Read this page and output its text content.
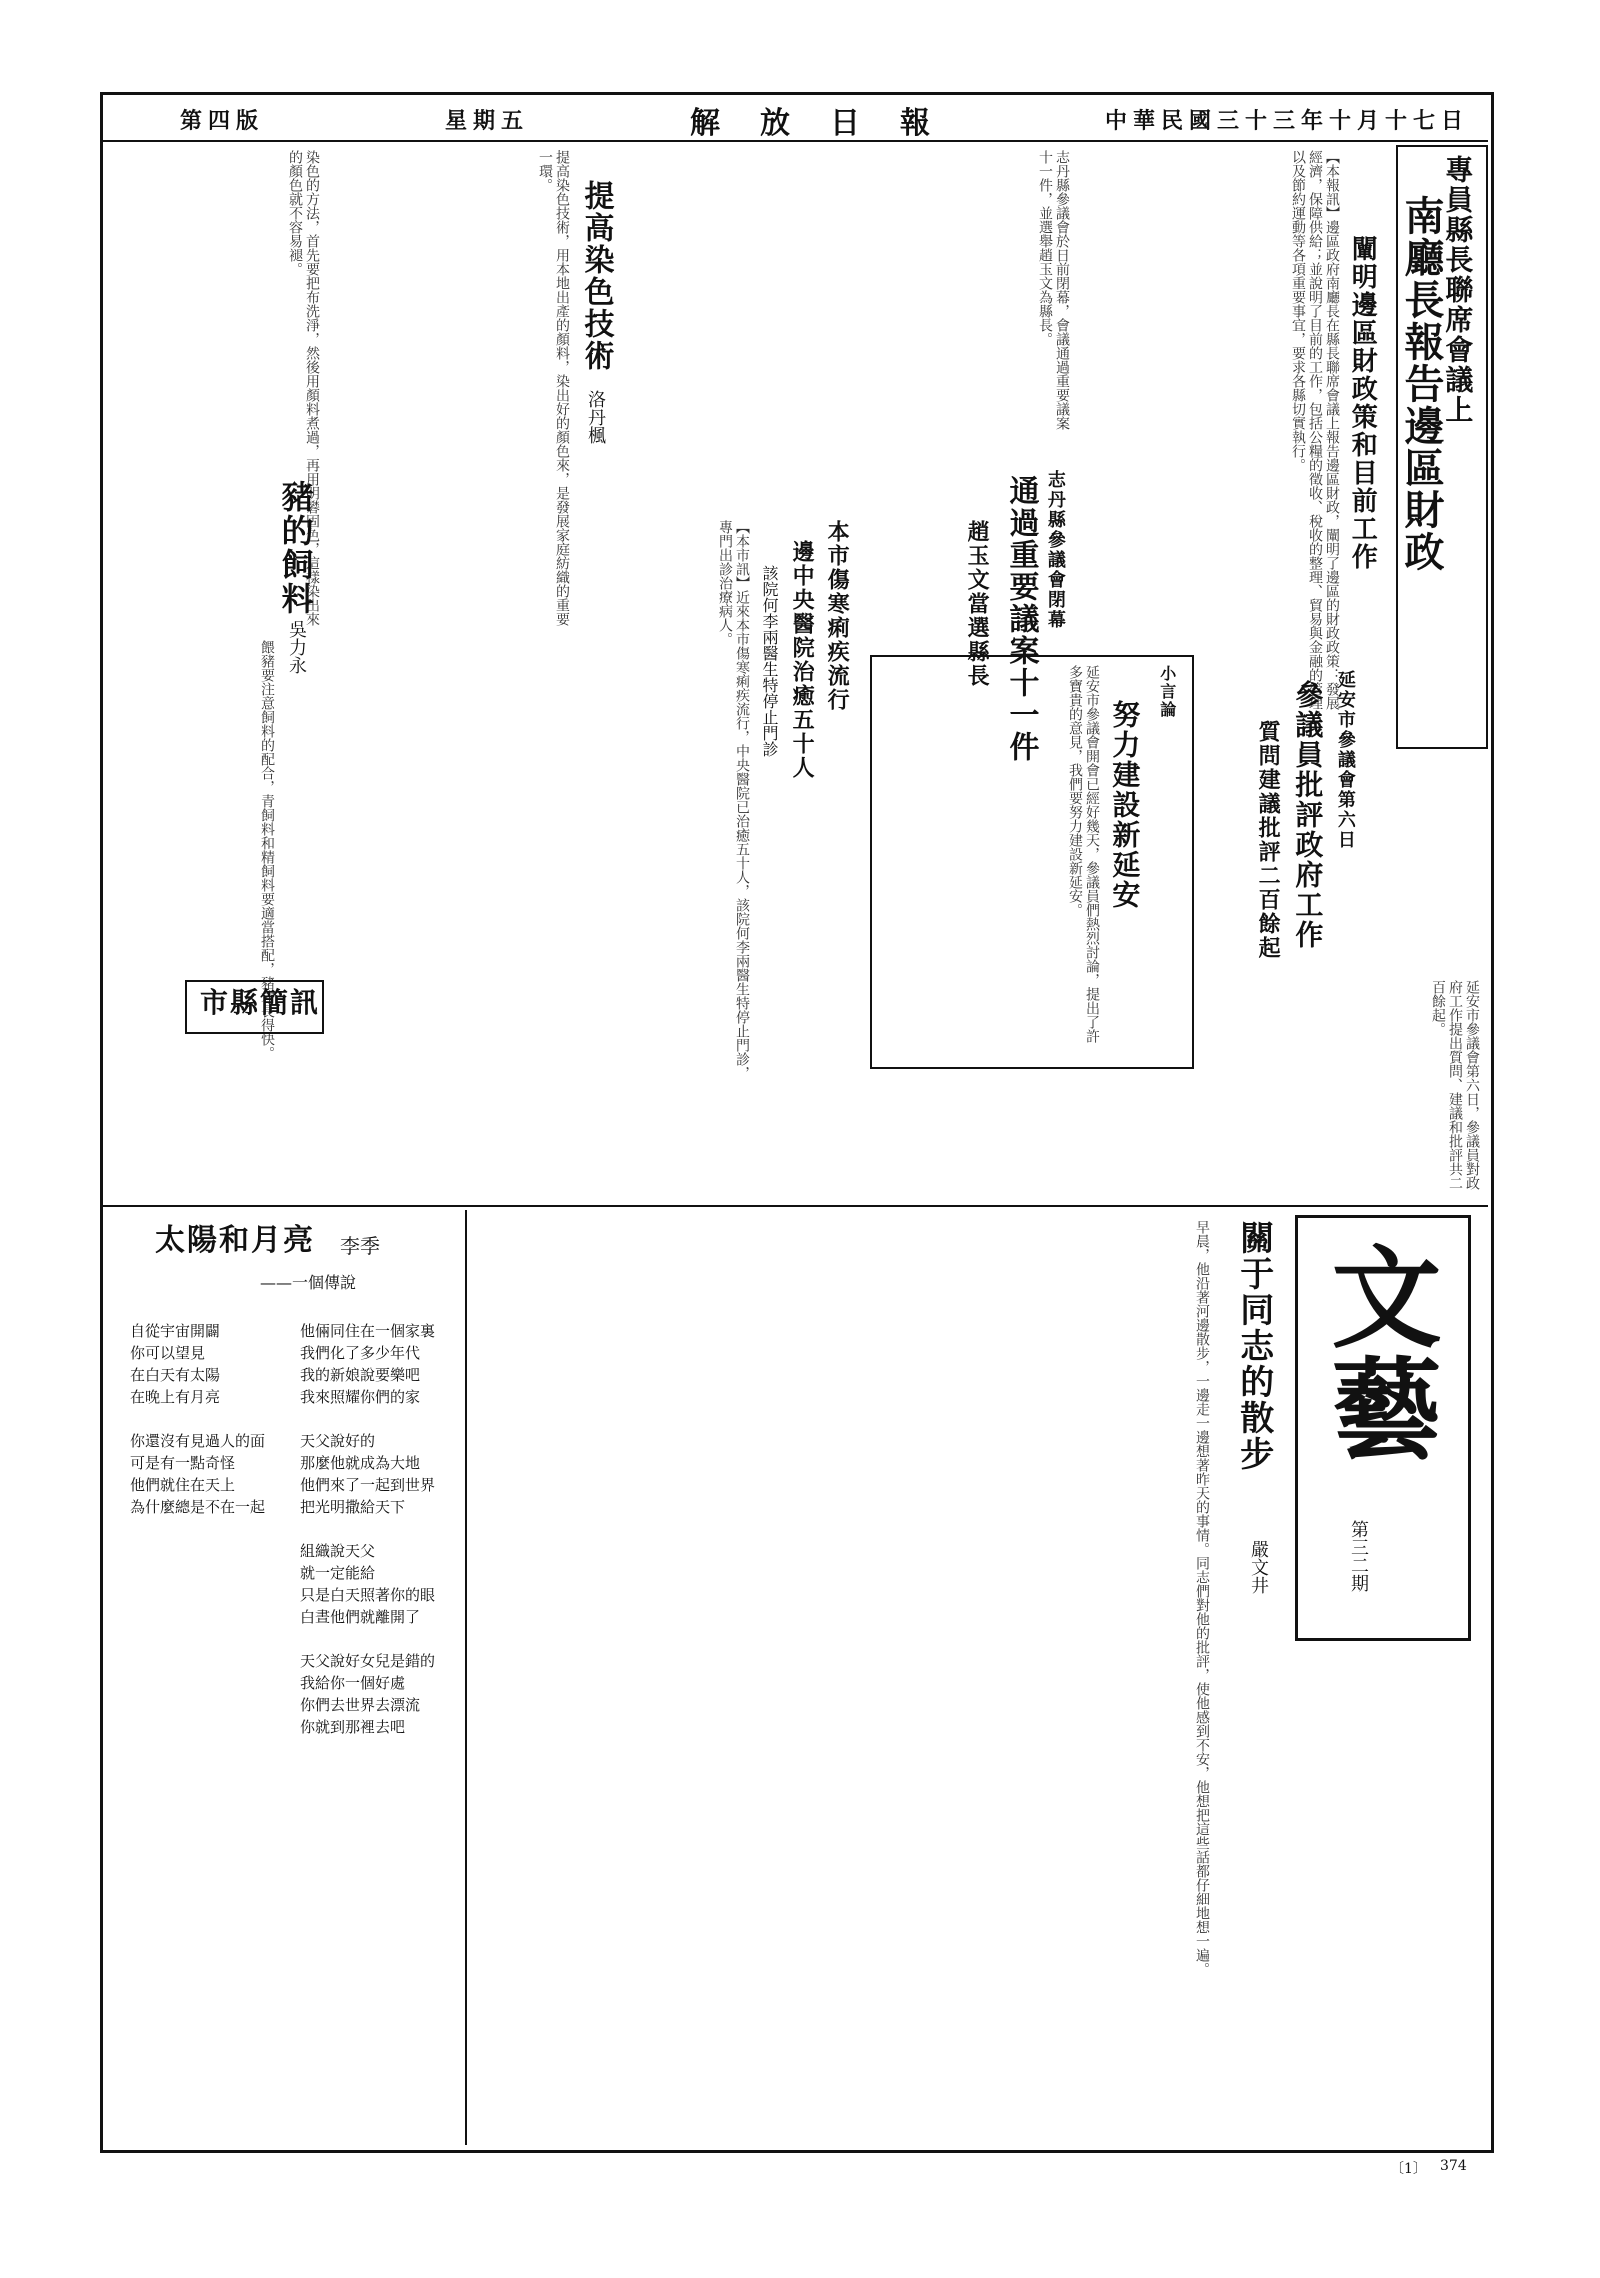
中華民國三十三年十月十七日
解放日報
星期五
第四版
專員縣長聯席會議上
南廳長報告邊區財政
闡明邊區財政策和目前工作
【本報訊】邊區政府南廳長在縣長聯席會議上報告邊區財政，闡明了邊區的財政政策：發展經濟，保障供給；並說明了目前的工作，包括公糧的徵收、稅收的整理、貿易與金融的管理以及節約運動等各項重要事宜，要求各縣切實執行。
志丹縣參議會閉幕
通過重要議案十一件
趙玉文當選縣長
志丹縣參議會於日前閉幕，會議通過重要議案十一件，並選舉趙玉文為縣長。
提高染色技術
洛丹楓
提高染色技術，用本地出產的顏料，染出好的顏色來，是發展家庭紡織的重要一環。
染色的方法，首先要把布洗淨，然後用顏料煮過，再用明礬固色，這樣染出來的顏色就不容易褪。
豬的飼料
吳力永
餵豬要注意飼料的配合，青飼料和精飼料要適當搭配，豬才長得快。	小言論
努力建設新延安
延安市參議會開會已經好幾天，參議員們熱烈討論，提出了許多寶貴的意見，我們要努力建設新延安。
本市傷寒痢疾流行
邊中央醫院治癒五十人
該院何李兩醫生特停止門診
【本市訊】近來本市傷寒痢疾流行，中央醫院已治癒五十人，該院何李兩醫生特停止門診，專門出診治療病人。
延安市參議會第六日
參議員批評政府工作
質問建議批評二百餘起
延安市參議會第六日，參議員對政府工作提出質問、建議和批評共二百餘起。
市縣簡訊
文藝
第三二期
關于同志的散步
嚴文井
早晨，他沿著河邊散步，一邊走一邊想著昨天的事情。同志們對他的批評，使他感到不安，他想把這些話都仔細地想一遍。
太陽和月亮 李季
——一個傳說
他倆同住在一個家裏
我們化了多少年代
我的新娘說要樂吧
我來照耀你們的家
天父說好的
那麼他就成為大地
他們來了一起到世界
把光明撒給天下
組織說天父
就一定能給
只是白天照著你的眼
白晝他們就離開了
天父說好女兒是錯的
我給你一個好處
你們去世界去漂流
你就到那裡去吧
自從宇宙開闢
你可以望見
在白天有太陽
在晚上有月亮
你還沒有見過人的面
可是有一點奇怪
他們就住在天上
為什麼總是不在一起
〔1〕 374
